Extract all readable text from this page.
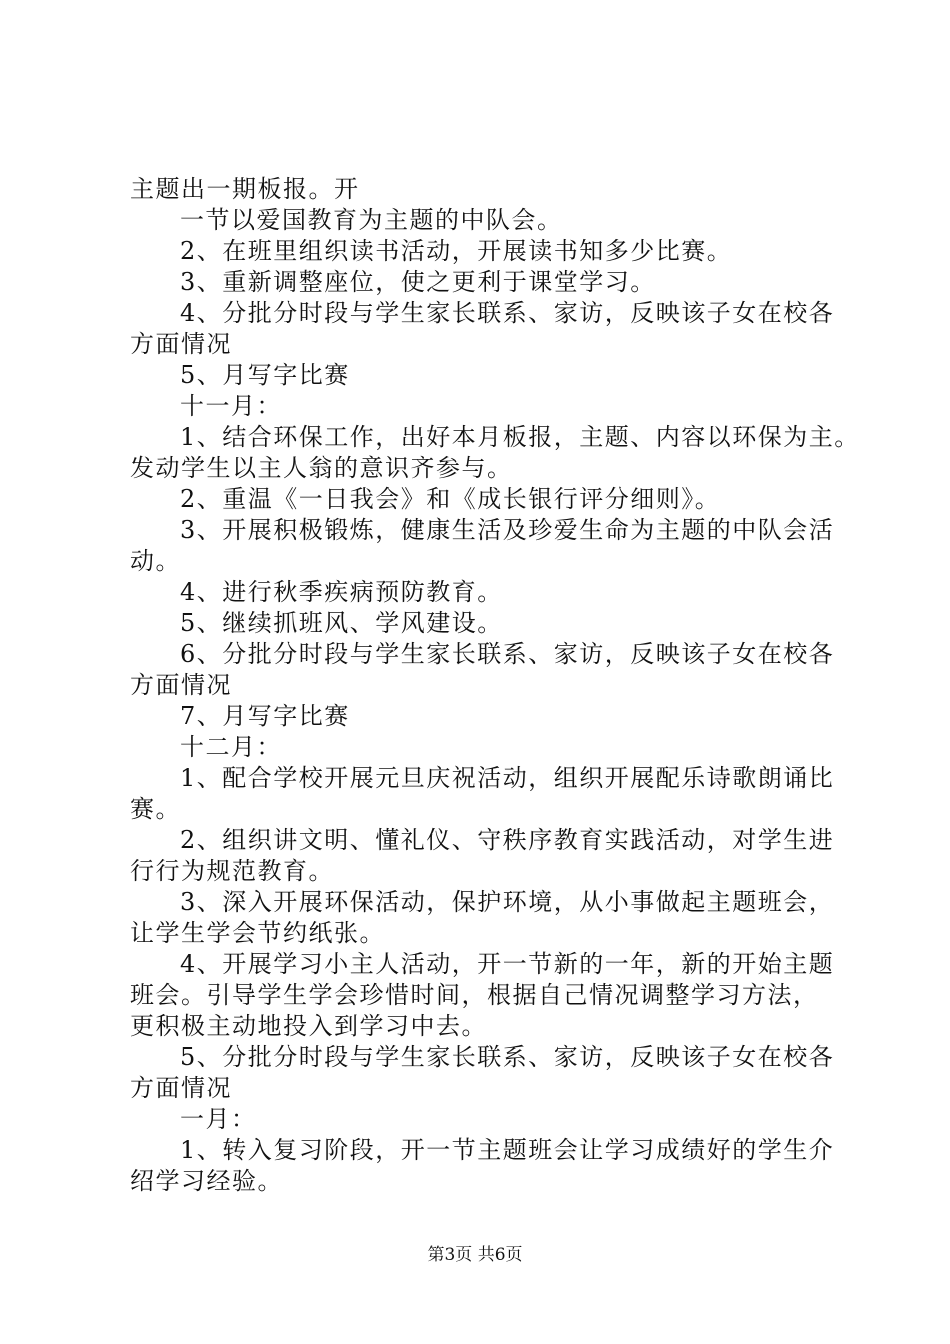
主题出一期板报。开
一节以爱国教育为主题的中队会。
2、在班里组织读书活动，开展读书知多少比赛。
3、重新调整座位，使之更利于课堂学习。
4、分批分时段与学生家长联系、家访，反映该子女在校各
方面情况
5、月写字比赛
十一月：
1、结合环保工作，出好本月板报，主题、内容以环保为主。
发动学生以主人翁的意识齐参与。
2、重温《一日我会》和《成长银行评分细则》。
3、开展积极锻炼，健康生活及珍爱生命为主题的中队会活
动。
4、进行秋季疾病预防教育。
5、继续抓班风、学风建设。
6、分批分时段与学生家长联系、家访，反映该子女在校各
方面情况
7、月写字比赛
十二月：
1、配合学校开展元旦庆祝活动，组织开展配乐诗歌朗诵比
赛。
2、组织讲文明、懂礼仪、守秩序教育实践活动，对学生进
行行为规范教育。
3、深入开展环保活动，保护环境，从小事做起主题班会，
让学生学会节约纸张。
4、开展学习小主人活动，开一节新的一年，新的开始主题
班会。引导学生学会珍惜时间，根据自己情况调整学习方法，
更积极主动地投入到学习中去。
5、分批分时段与学生家长联系、家访，反映该子女在校各
方面情况
一月：
1、转入复习阶段，开一节主题班会让学习成绩好的学生介
绍学习经验。
第3页 共6页
